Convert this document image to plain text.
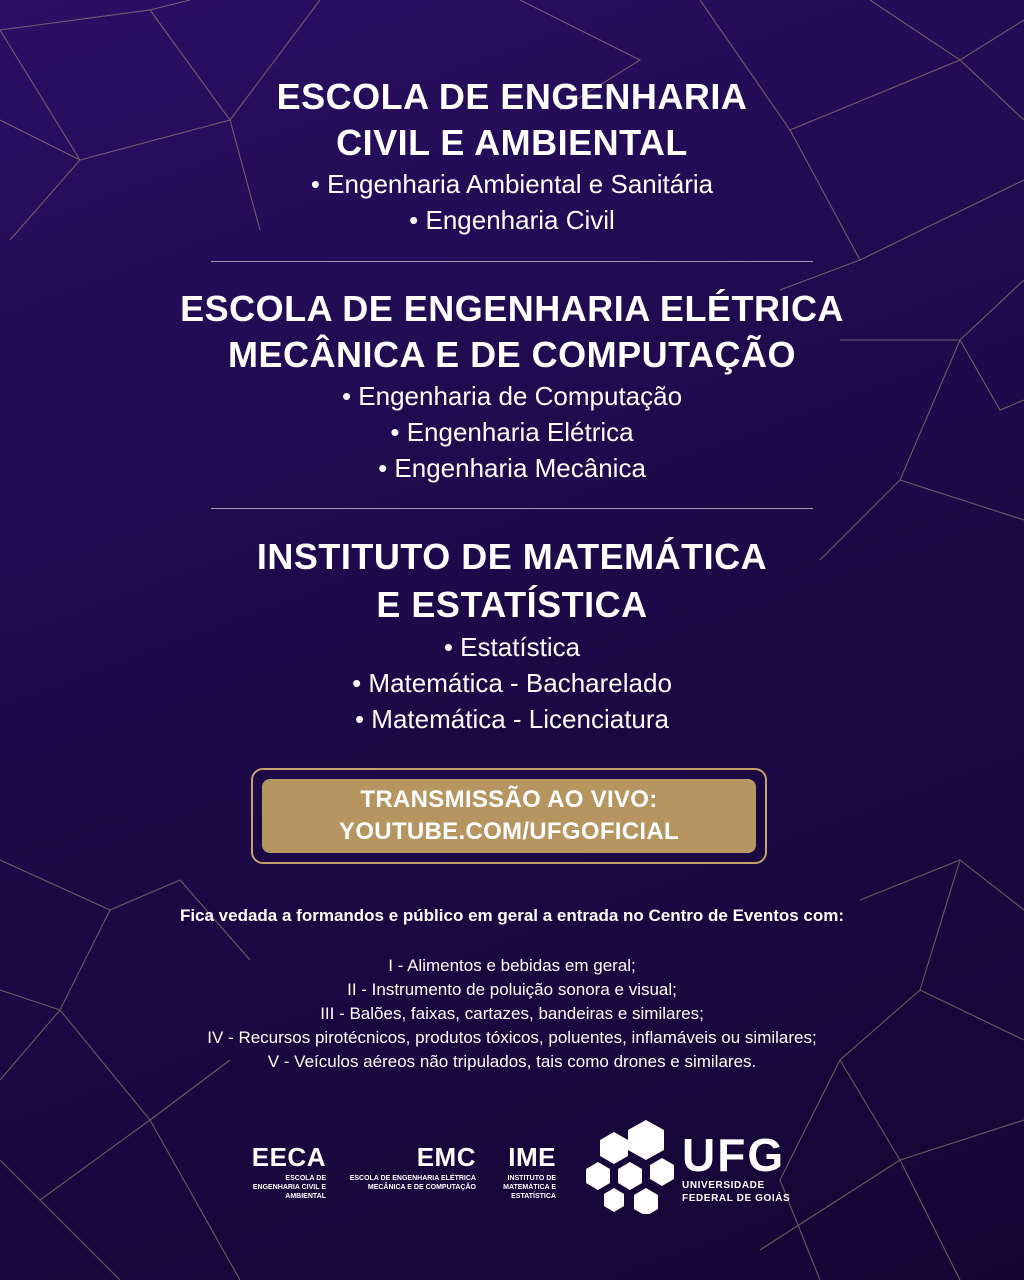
ESCOLA DE ENGENHARIA
CIVIL E AMBIENTAL

• Engenharia Ambiental e Sanitária

• Engenharia Civil

ESCOLA DE ENGENHARIA ELÉTRICA
MECÂNICA E DE COMPUTAÇÃO

• Engenharia de Computação

• Engenharia Elétrica

• Engenharia Mecânica

INSTITUTO DE MATEMÁTICA
E ESTATÍSTICA

• Estatística

• Matemática - Bacharelado

• Matemática - Licenciatura

TRANSMISSÃO AO VIVO:
YOUTUBE.COM/UFGOFICIAL
Fica vedada a formandos e público em geral a entrada no Centro de Eventos com:

I - Alimentos e bebidas em geral;

II - Instrumento de poluição sonora e visual;

III - Balões, faixas, cartazes, bandeiras e similares;

IV - Recursos pirotécnicos, produtos tóxicos, poluentes, inflamáveis ou similares;

V - Veículos aéreos não tripulados, tais como drones e similares.

EECA
ESCOLA DE
ENGENHARIA CIVIL E
AMBIENTAL
EMC
ESCOLA DE ENGENHARIA ELÉTRICA
MECÂNICA E DE COMPUTAÇÃO
IME
INSTITUTO DE
MATEMÁTICA E
ESTATÍSTICA
UFG
UNIVERSIDADE
FEDERAL DE GOIÁS
